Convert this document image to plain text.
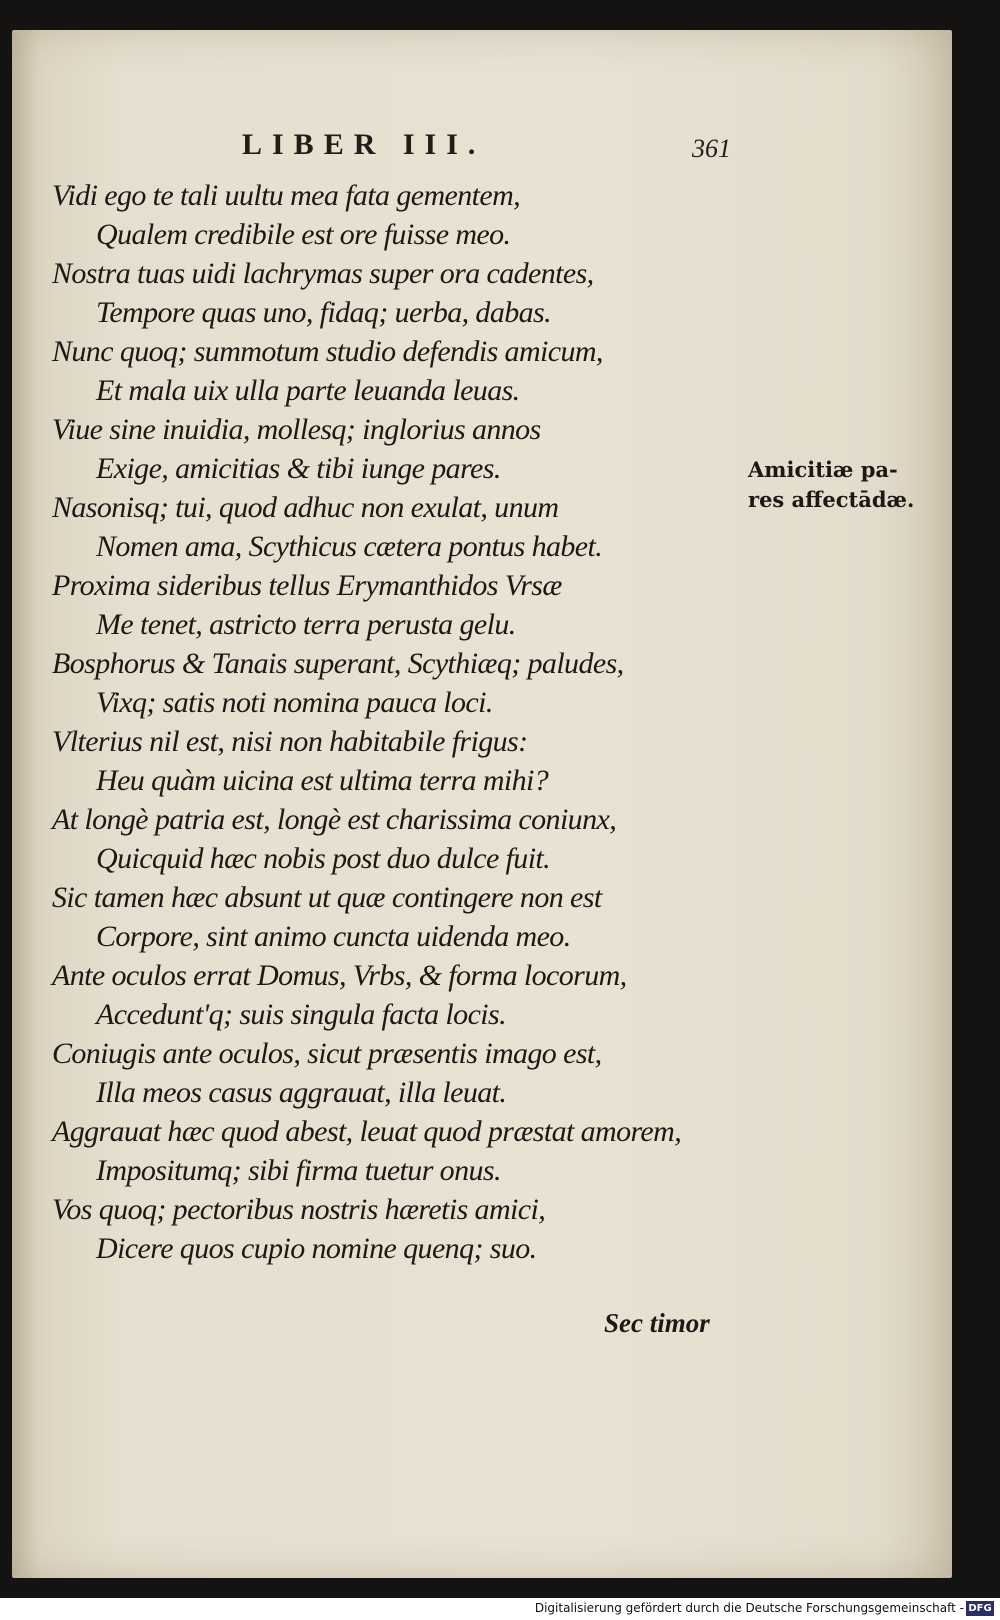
LIBER III.	361
Vidi ego te tali uultu mea fata gementem,
Qualem credibile est ore fuisse meo.
Nostra tuas uidi lachrymas super ora cadentes,
Tempore quas uno, fidaq; uerba, dabas.
Nunc quoq; summotum studio defendis amicum,
Et mala uix ulla parte leuanda leuas.
Viue sine inuidia, mollesq; inglorius annos
Exige, amicitias & tibi iunge pares.
Nasonisq; tui, quod adhuc non exulat, unum
Nomen ama, Scythicus cætera pontus habet.
Proxima sideribus tellus Erymanthidos Vrsæ
Me tenet, astricto terra perusta gelu.
Bosphorus & Tanais superant, Scythiæq; paludes,
Vixq; satis noti nomina pauca loci.
Vlterius nil est, nisi non habitabile frigus:
Heu quàm uicina est ultima terra mihi?
At longè patria est, longè est charissima coniunx,
Quicquid hæc nobis post duo dulce fuit.
Sic tamen hæc absunt ut quæ contingere non est
Corpore, sint animo cuncta uidenda meo.
Ante oculos errat Domus, Vrbs, & forma locorum,
Accedunt'q; suis singula facta locis.
Coniugis ante oculos, sicut præsentis imago est,
Illa meos casus aggrauat, illa leuat.
Aggrauat hæc quod abest, leuat quod præstat amorem,
Impositumq; sibi firma tuetur onus.
Vos quoq; pectoribus nostris hæretis amici,
Dicere quos cupio nomine quenq; suo.
Amicitiæ pa-
res affectādæ.
Sec timor
Digitalisierung gefördert durch die Deutsche Forschungsgemeinschaft - DFG
